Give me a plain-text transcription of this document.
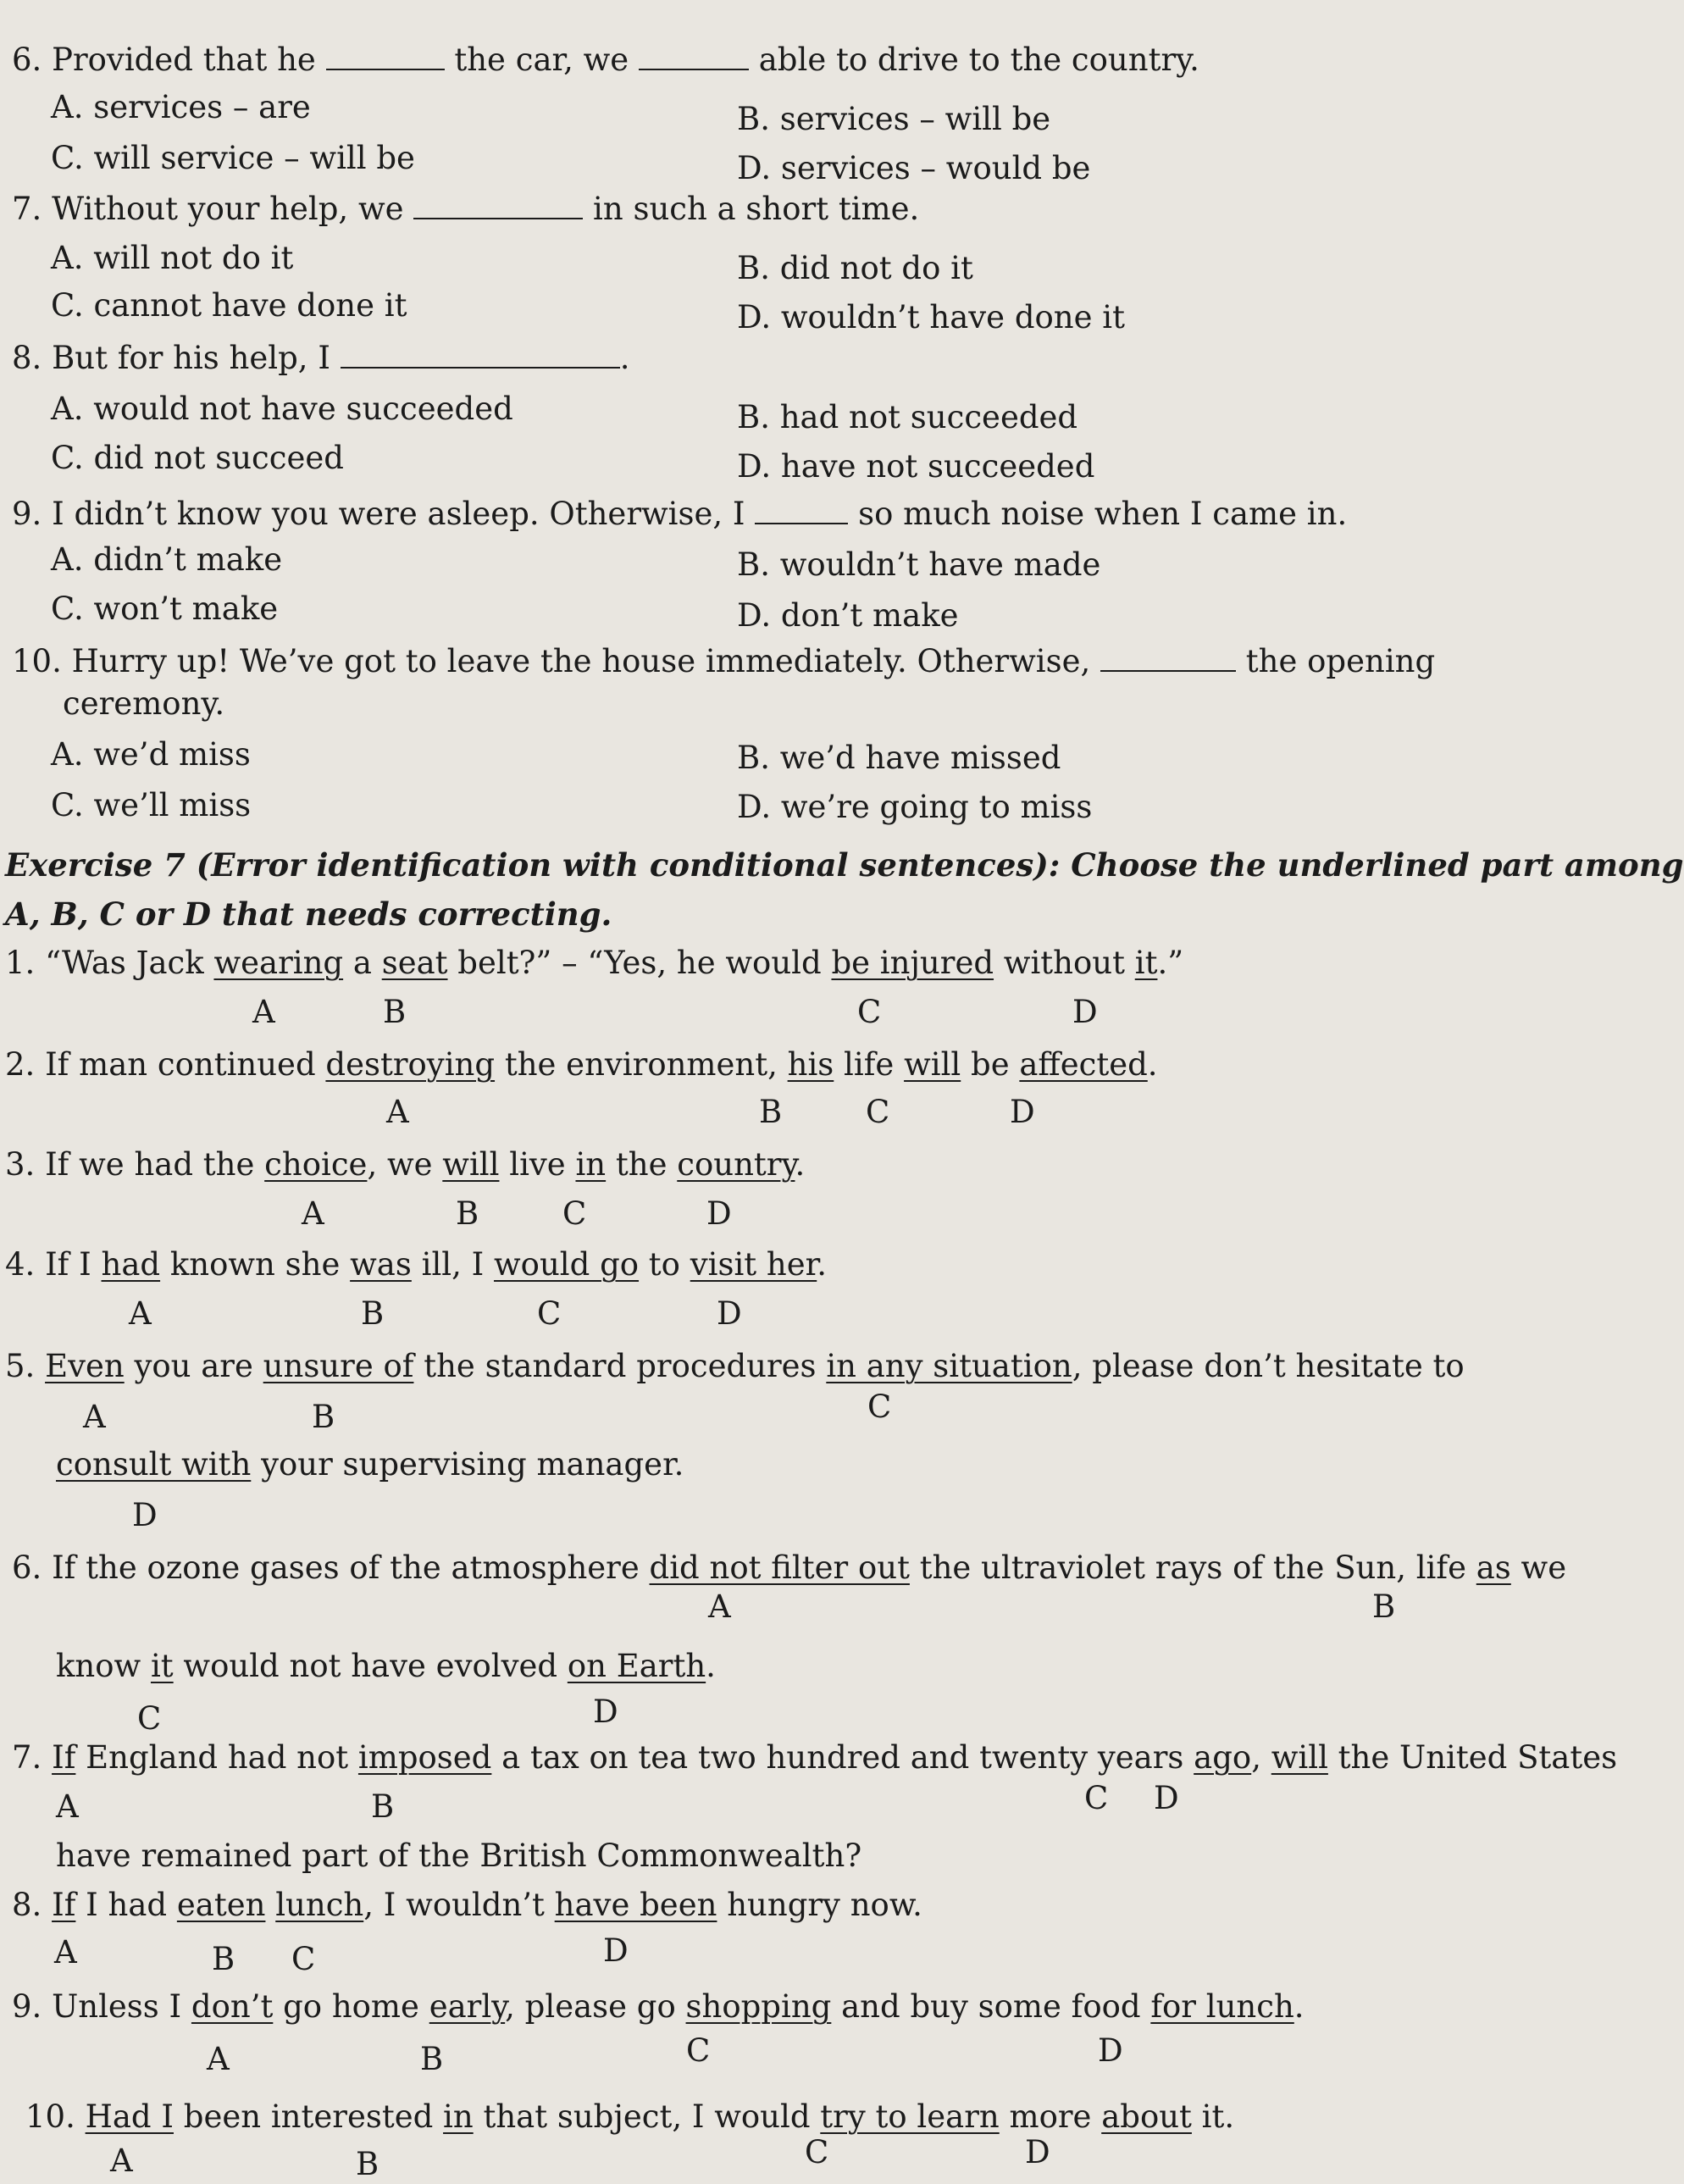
6. Provided that he	the car, we	able to drive to the country.
A. services – are	B. services – will be
C. will service – will be	D. services – would be
7. Without your help, we	in such a short time.
A. will not do it	B. did not do it
C. cannot have done it	D. wouldn’t have done it
8. But for his help, I	.
A. would not have succeeded	B. had not succeeded
C. did not succeed	D. have not succeeded
9. I didn’t know you were asleep. Otherwise, I	so much noise when I came in.
A. didn’t make	B. wouldn’t have made
C. won’t make	D. don’t make
10. Hurry up! We’ve got to leave the house immediately. Otherwise,	the opening
ceremony.
A. we’d miss	B. we’d have missed
C. we’ll miss	D. we’re going to miss
Exercise 7 (Error identification with conditional sentences): Choose the underlined part among
A, B, C or D that needs correcting.
1. “Was Jack wearing a seat belt?” – “Yes, he would be injured without it.”
A	B	C	D
2. If man continued destroying the environment, his life will be affected.
A	B	C	D
3. If we had the choice, we will live in the country.
A	B	C	D
4. If I had known she was ill, I would go to visit her.
A	B	C	D
5. Even you are unsure of the standard procedures in any situation, please don’t hesitate to
A	B	C
consult with your supervising manager.
D
6. If the ozone gases of the atmosphere did not filter out the ultraviolet rays of the Sun, life as we
A	B
know it would not have evolved on Earth.
C	D
7. If England had not imposed a tax on tea two hundred and twenty years ago, will the United States
A	B	C D
have remained part of the British Commonwealth?
8. If I had eaten lunch, I wouldn’t have been hungry now.
A	B C	D
9. Unless I don’t go home early, please go shopping and buy some food for lunch.
A	B	C	D
10. Had I been interested in that subject, I would try to learn more about it.
A	B	C	D
